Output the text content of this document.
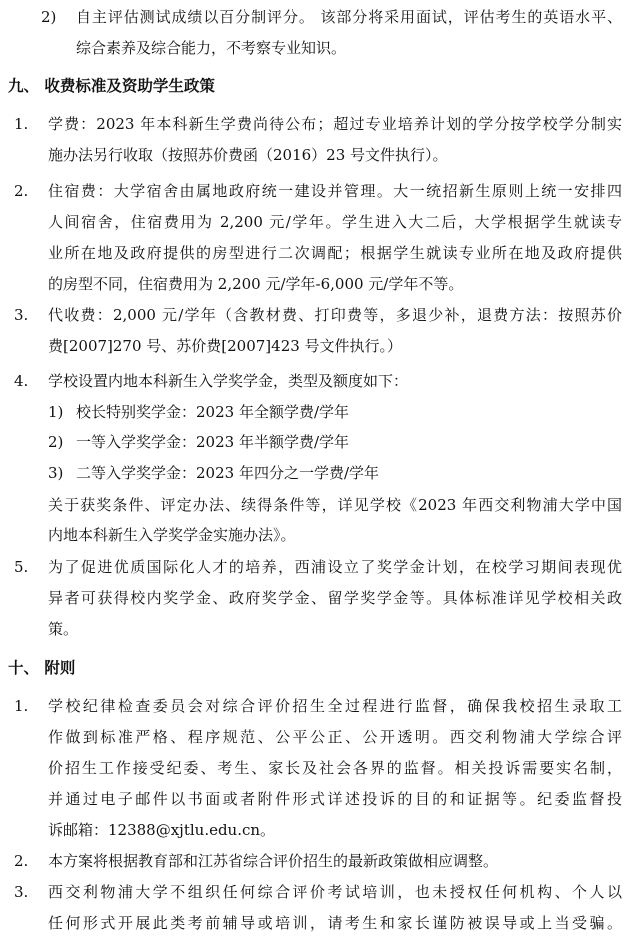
2) 自主评估测试成绩以百分制评分。 该部分将采用面试，评估考生的英语水平、
综合素养及综合能力，不考察专业知识。
九、 收费标准及资助学生政策
1. 学费：2023 年本科新生学费尚待公布；超过专业培养计划的学分按学校学分制实
施办法另行收取（按照苏价费函（2016）23 号文件执行）。
2. 住宿费：大学宿舍由属地政府统一建设并管理。大一统招新生原则上统一安排四
人间宿舍，住宿费用为 2,200 元/学年。学生进入大二后，大学根据学生就读专
业所在地及政府提供的房型进行二次调配；根据学生就读专业所在地及政府提供
的房型不同，住宿费用为 2,200 元/学年-6,000 元/学年不等。
3. 代收费：2,000 元/学年（含教材费、打印费等，多退少补，退费方法：按照苏价
费[2007]270 号、苏价费[2007]423 号文件执行。）
4. 学校设置内地本科新生入学奖学金，类型及额度如下：
1) 校长特别奖学金：2023 年全额学费/学年
2) 一等入学奖学金：2023 年半额学费/学年
3) 二等入学奖学金：2023 年四分之一学费/学年
关于获奖条件、评定办法、续得条件等，详见学校《2023 年西交利物浦大学中国
内地本科新生入学奖学金实施办法》。
5. 为了促进优质国际化人才的培养，西浦设立了奖学金计划，在校学习期间表现优
异者可获得校内奖学金、政府奖学金、留学奖学金等。具体标准详见学校相关政
策。
十、 附则
1. 学校纪律检查委员会对综合评价招生全过程进行监督，确保我校招生录取工
作做到标准严格、程序规范、公平公正、公开透明。西交利物浦大学综合评
价招生工作接受纪委、考生、家长及社会各界的监督。相关投诉需要实名制，
并通过电子邮件以书面或者附件形式详述投诉的目的和证据等。纪委监督投
诉邮箱：12388@xjtlu.edu.cn。
2. 本方案将根据教育部和江苏省综合评价招生的最新政策做相应调整。
3. 西交利物浦大学不组织任何综合评价考试培训，也未授权任何机构、个人以
任何形式开展此类考前辅导或培训，请考生和家长谨防被误导或上当受骗。
